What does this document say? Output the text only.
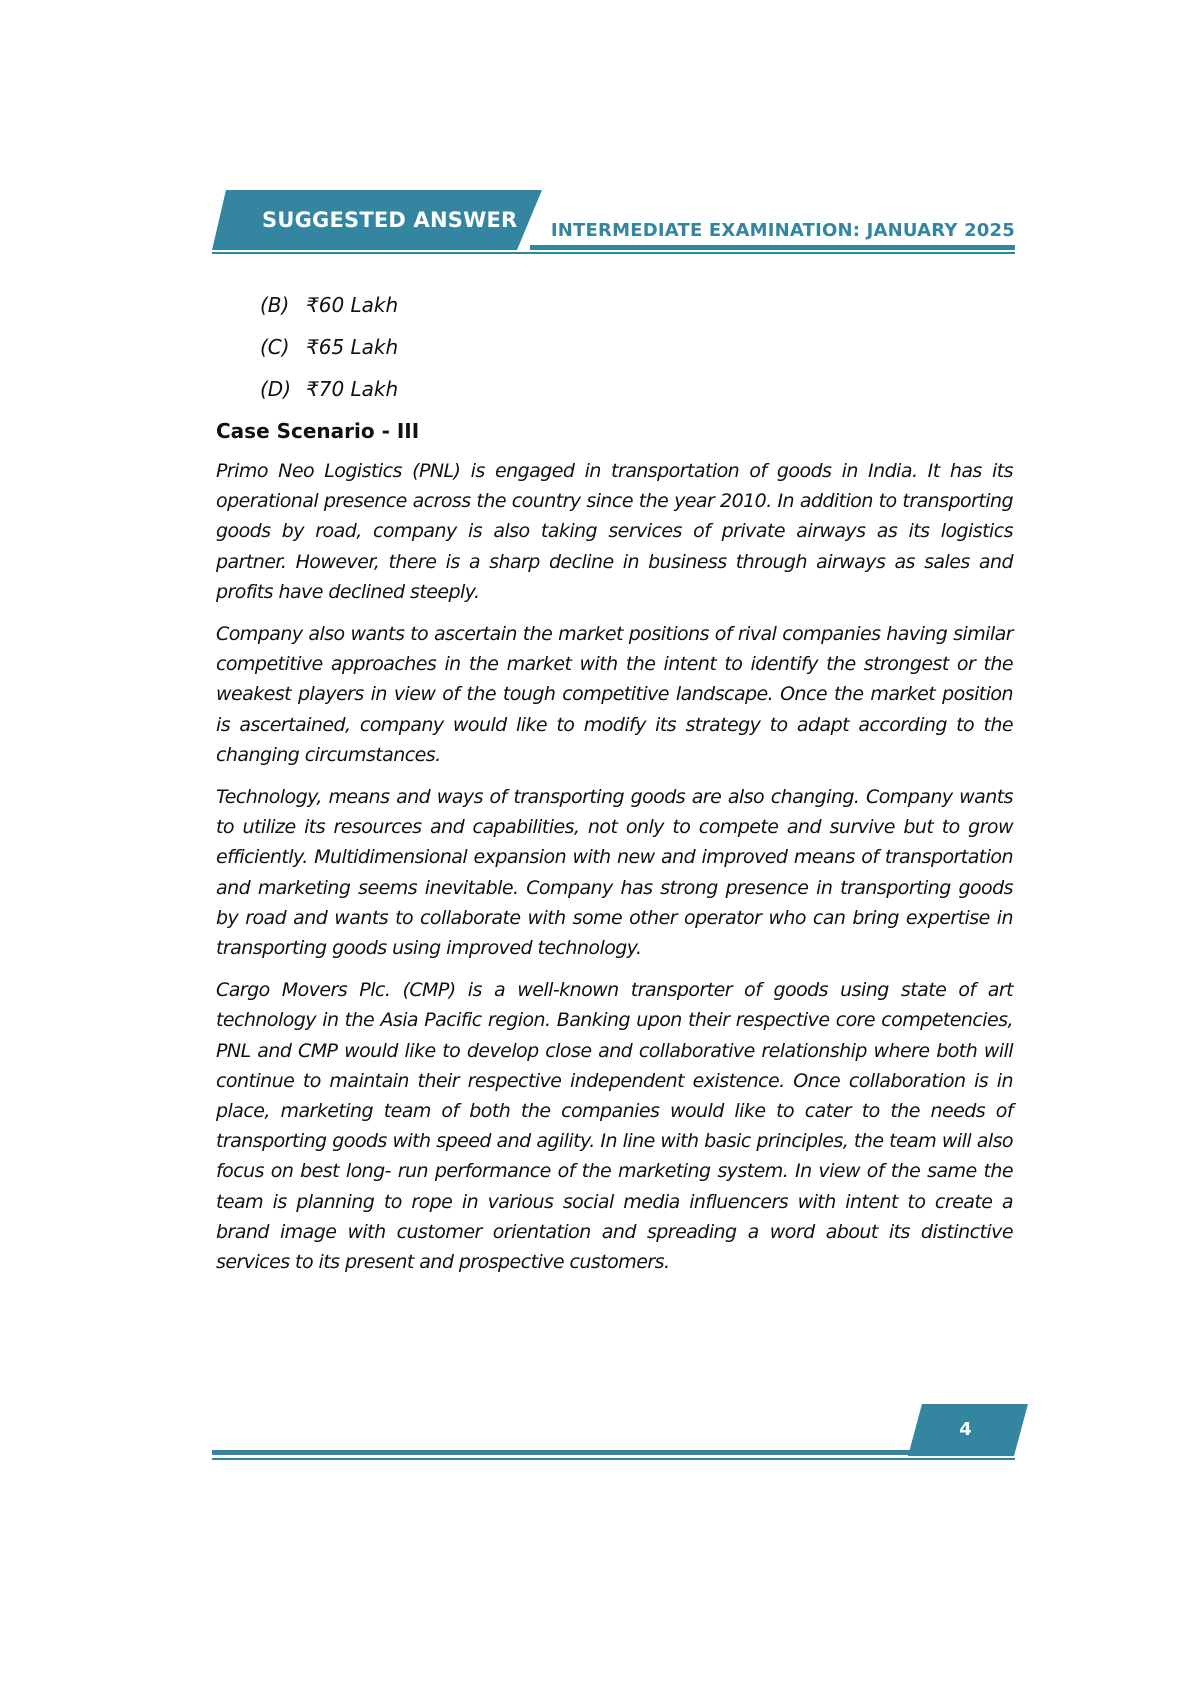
SUGGESTED ANSWER INTERMEDIATE EXAMINATION: JANUARY 2025
(B) ₹60 Lakh
(C) ₹65 Lakh
(D) ₹70 Lakh
Case Scenario - III

Primo Neo Logistics (PNL) is engaged in transportation of goods in India. It has its operational presence across the country since the year 2010. In addition to transporting goods by road, company is also taking services of private airways as its logistics partner. However, there is a sharp decline in business through airways as sales and profits have declined steeply.

Company also wants to ascertain the market positions of rival companies having similar competitive approaches in the market with the intent to identify the strongest or the weakest players in view of the tough competitive landscape. Once the market position is ascertained, company would like to modify its strategy to adapt according to the changing circumstances.

Technology, means and ways of transporting goods are also changing. Company wants to utilize its resources and capabilities, not only to compete and survive but to grow efficiently. Multidimensional expansion with new and improved means of transportation and marketing seems inevitable. Company has strong presence in transporting goods by road and wants to collaborate with some other operator who can bring expertise in transporting goods using improved technology.

Cargo Movers Plc. (CMP) is a well-known transporter of goods using state of art technology in the Asia Pacific region. Banking upon their respective core competencies, PNL and CMP would like to develop close and collaborative relationship where both will continue to maintain their respective independent existence. Once collaboration is in place, marketing team of both the companies would like to cater to the needs of transporting goods with speed and agility. In line with basic principles, the team will also focus on best long- run performance of the marketing system. In view of the same the team is planning to rope in various social media influencers with intent to create a brand image with customer orientation and spreading a word about its distinctive services to its present and prospective customers.

4
